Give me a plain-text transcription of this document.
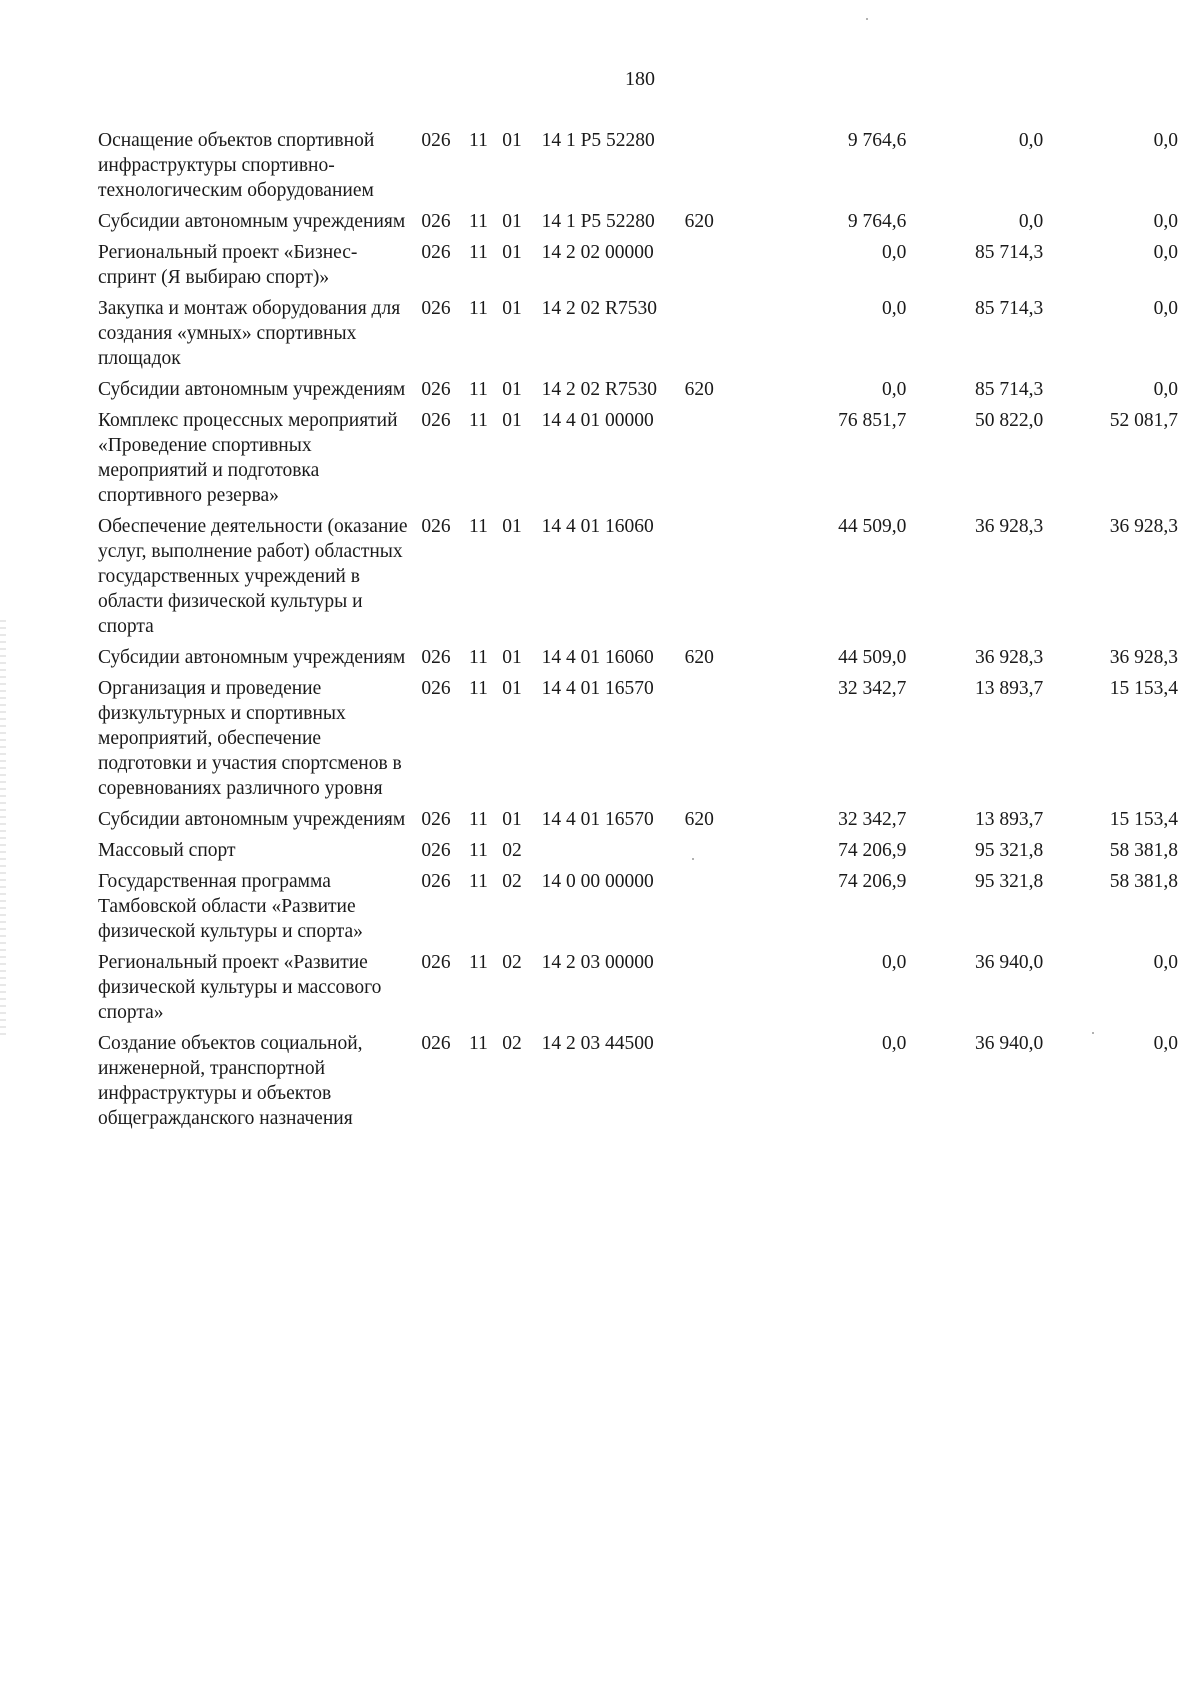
180
Оснащение объектов спортивной инфраструктуры спортивно-технологическим оборудованием	026	11	01	14 1 P5 52280		9 764,6	0,0	0,0
Субсидии автономным учреждениям	026	11	01	14 1 P5 52280	620	9 764,6	0,0	0,0
Региональный проект «Бизнес-спринт (Я выбираю спорт)»	026	11	01	14 2 02 00000		0,0	85 714,3	0,0
Закупка и монтаж оборудования для создания «умных» спортивных площадок	026	11	01	14 2 02 R7530		0,0	85 714,3	0,0
Субсидии автономным учреждениям	026	11	01	14 2 02 R7530	620	0,0	85 714,3	0,0
Комплекс процессных мероприятий «Проведение спортивных мероприятий и подготовка спортивного резерва»	026	11	01	14 4 01 00000		76 851,7	50 822,0	52 081,7
Обеспечение деятельности (оказание услуг, выполнение работ) областных государственных учреждений в области физической культуры и спорта	026	11	01	14 4 01 16060		44 509,0	36 928,3	36 928,3
Субсидии автономным учреждениям	026	11	01	14 4 01 16060	620	44 509,0	36 928,3	36 928,3
Организация и проведение физкультурных и спортивных мероприятий, обеспечение подготовки и участия спортсменов в соревнованиях различного уровня	026	11	01	14 4 01 16570		32 342,7	13 893,7	15 153,4
Субсидии автономным учреждениям	026	11	01	14 4 01 16570	620	32 342,7	13 893,7	15 153,4
Массовый спорт	026	11	02			74 206,9	95 321,8	58 381,8
Государственная программа Тамбовской области «Развитие физической культуры и спорта»	026	11	02	14 0 00 00000		74 206,9	95 321,8	58 381,8
Региональный проект «Развитие физической культуры и массового спорта»	026	11	02	14 2 03 00000		0,0	36 940,0	0,0
Создание объектов социальной, инженерной, транспортной инфраструктуры и объектов общегражданского назначения	026	11	02	14 2 03 44500		0,0	36 940,0	0,0
